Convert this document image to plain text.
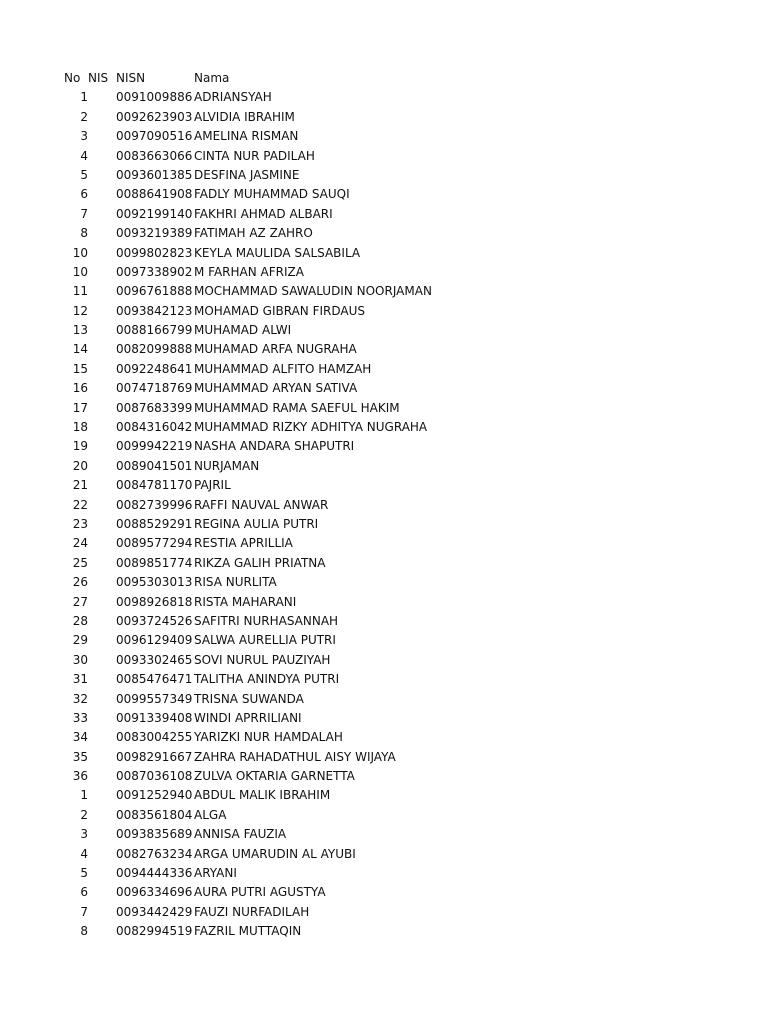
No NIS NISN	Nama
1 0091009886 ADRIANSYAH
2 0092623903 ALVIDIA IBRAHIM
3 0097090516 AMELINA RISMAN
4 0083663066 CINTA NUR PADILAH
5 0093601385 DESFINA JASMINE
6 0088641908 FADLY MUHAMMAD SAUQI
7 0092199140 FAKHRI AHMAD ALBARI
8 0093219389 FATIMAH AZ ZAHRO
10 0099802823 KEYLA MAULIDA SALSABILA
10 0097338902 M FARHAN AFRIZA
11 0096761888 MOCHAMMAD SAWALUDIN NOORJAMAN
12 0093842123 MOHAMAD GIBRAN FIRDAUS
13 0088166799 MUHAMAD ALWI
14 0082099888 MUHAMAD ARFA NUGRAHA
15 0092248641 MUHAMMAD ALFITO HAMZAH
16 0074718769 MUHAMMAD ARYAN SATIVA
17 0087683399 MUHAMMAD RAMA SAEFUL HAKIM
18 0084316042 MUHAMMAD RIZKY ADHITYA NUGRAHA
19 0099942219 NASHA ANDARA SHAPUTRI
20 0089041501 NURJAMAN
21 0084781170 PAJRIL
22 0082739996 RAFFI NAUVAL ANWAR
23 0088529291 REGINA AULIA PUTRI
24 0089577294 RESTIA APRILLIA
25 0089851774 RIKZA GALIH PRIATNA
26 0095303013 RISA NURLITA
27 0098926818 RISTA MAHARANI
28 0093724526 SAFITRI NURHASANNAH
29 0096129409 SALWA AURELLIA PUTRI
30 0093302465 SOVI NURUL PAUZIYAH
31 0085476471 TALITHA ANINDYA PUTRI
32 0099557349 TRISNA SUWANDA
33 0091339408 WINDI APRRILIANI
34 0083004255 YARIZKI NUR HAMDALAH
35 0098291667 ZAHRA RAHADATHUL AISY WIJAYA
36 0087036108 ZULVA OKTARIA GARNETTA
1 0091252940 ABDUL MALIK IBRAHIM
2 0083561804 ALGA
3 0093835689 ANNISA FAUZIA
4 0082763234 ARGA UMARUDIN AL AYUBI
5 0094444336 ARYANI
6 0096334696 AURA PUTRI AGUSTYA
7 0093442429 FAUZI NURFADILAH
8 0082994519 FAZRIL MUTTAQIN
